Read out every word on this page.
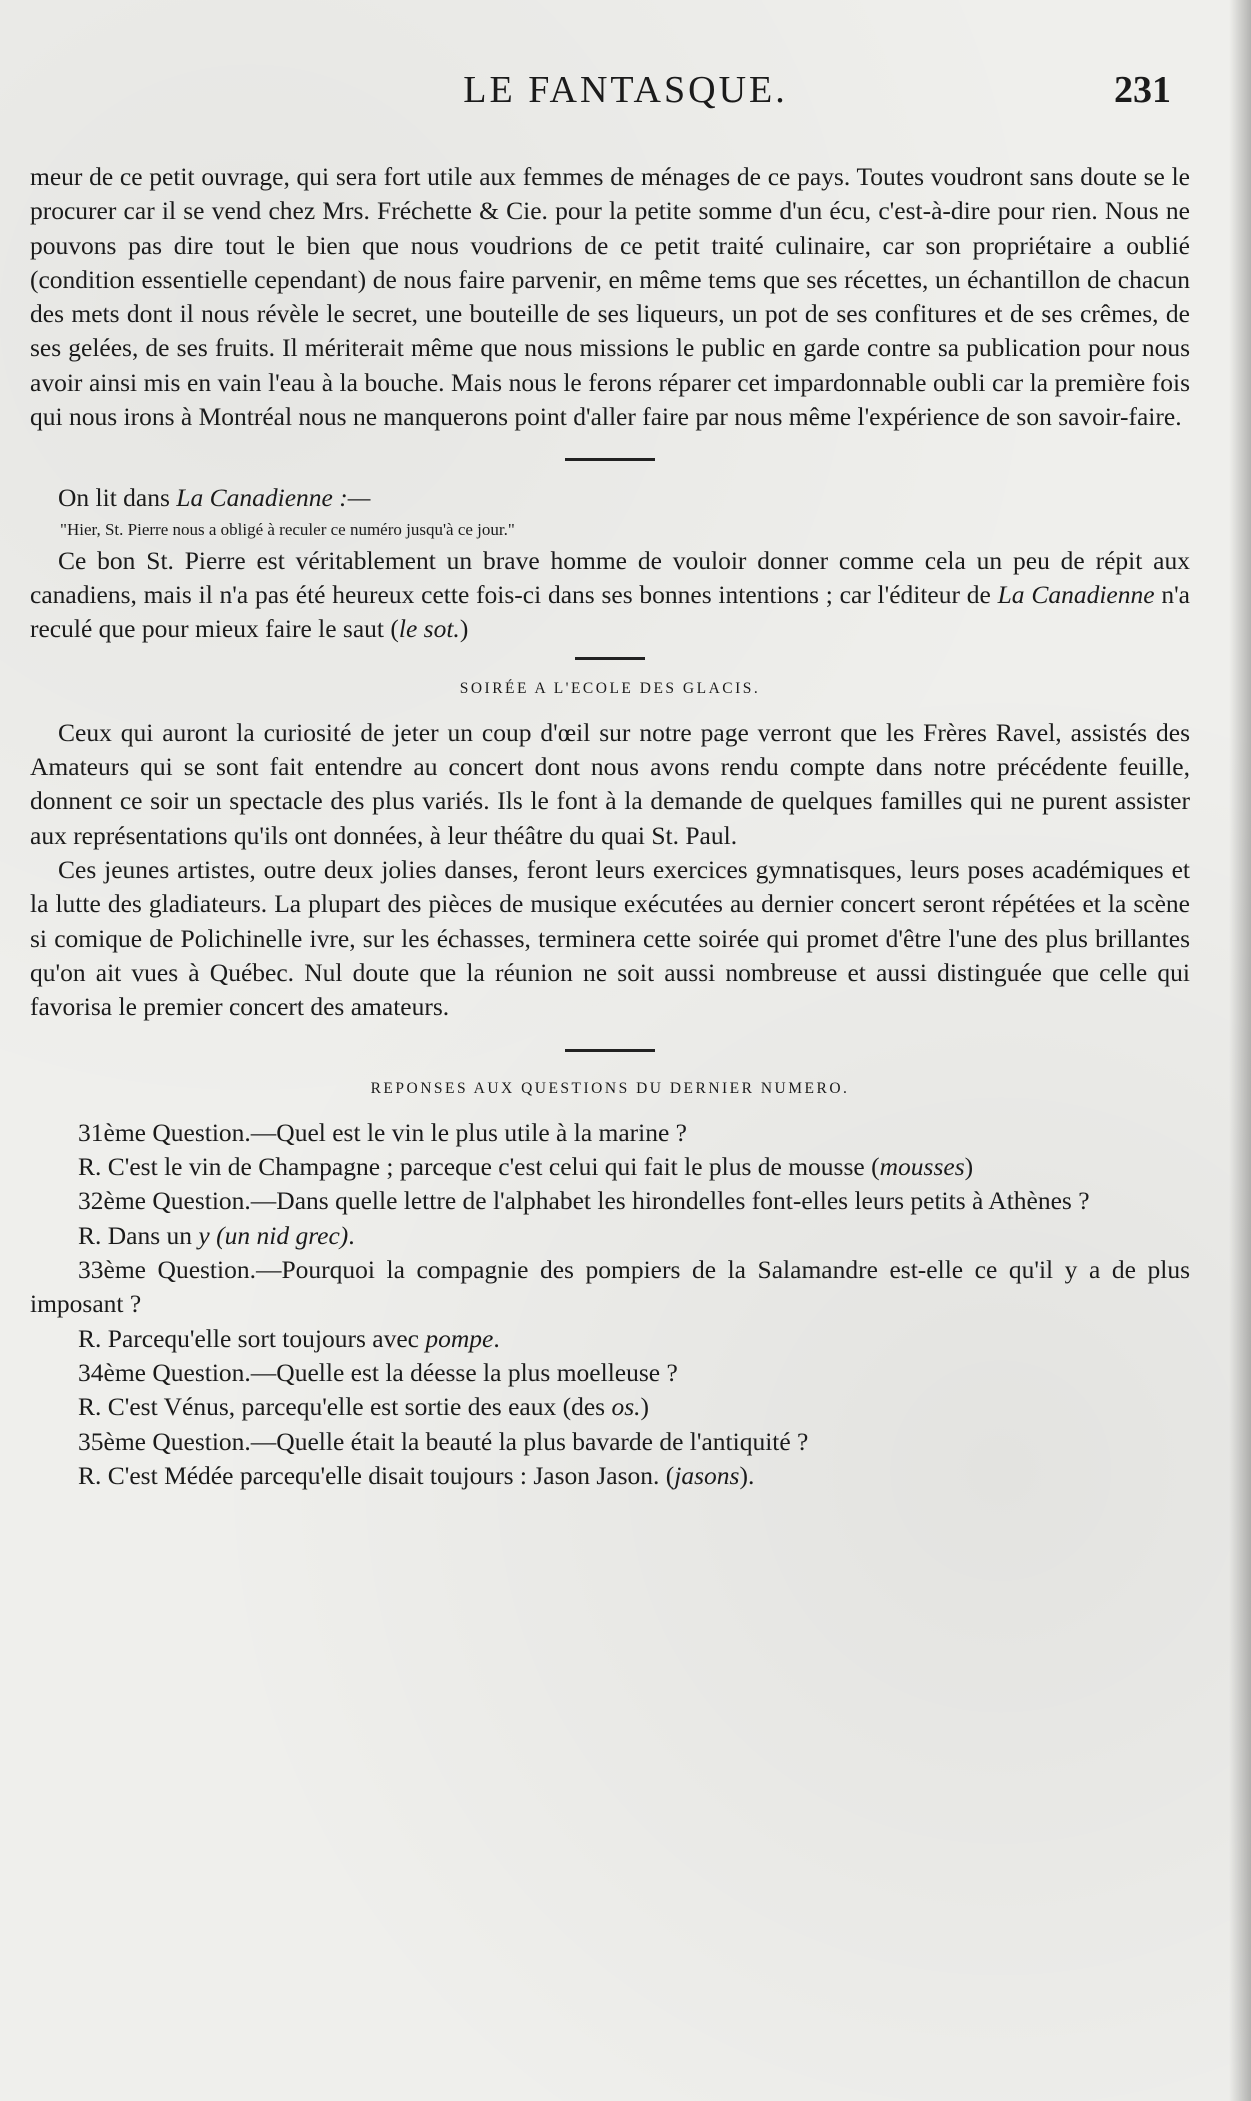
LE FANTASQUE.	231

meur de ce petit ouvrage, qui sera fort utile aux femmes de ménages de ce pays. Toutes voudront sans doute se le procurer car il se vend chez Mrs. Fréchette & Cie. pour la petite somme d'un écu, c'est-à-dire pour rien. Nous ne pouvons pas dire tout le bien que nous voudrions de ce petit traité culinaire, car son propriétaire a oublié (condition essentielle cependant) de nous faire parvenir, en même tems que ses récettes, un échantillon de chacun des mets dont il nous révèle le secret, une bouteille de ses liqueurs, un pot de ses confitures et de ses crêmes, de ses gelées, de ses fruits. Il mériterait même que nous missions le public en garde contre sa publication pour nous avoir ainsi mis en vain l'eau à la bouche. Mais nous le ferons réparer cet impardonnable oubli car la première fois qui nous irons à Montréal nous ne manquerons point d'aller faire par nous même l'expérience de son savoir-faire.

On lit dans La Canadienne :—

"Hier, St. Pierre nous a obligé à reculer ce numéro jusqu'à ce jour."

Ce bon St. Pierre est véritablement un brave homme de vouloir donner comme cela un peu de répit aux canadiens, mais il n'a pas été heureux cette fois-ci dans ses bonnes intentions ; car l'éditeur de La Canadienne n'a reculé que pour mieux faire le saut (le sot.)

SOIRÉE A L'ECOLE DES GLACIS.

Ceux qui auront la curiosité de jeter un coup d'œil sur notre page verront que les Frères Ravel, assistés des Amateurs qui se sont fait entendre au concert dont nous avons rendu compte dans notre précédente feuille, donnent ce soir un spectacle des plus variés. Ils le font à la demande de quelques familles qui ne purent assister aux représentations qu'ils ont données, à leur théâtre du quai St. Paul.

Ces jeunes artistes, outre deux jolies danses, feront leurs exercices gymnatisques, leurs poses académiques et la lutte des gladiateurs. La plupart des pièces de musique exécutées au dernier concert seront répétées et la scène si comique de Polichinelle ivre, sur les échasses, terminera cette soirée qui promet d'être l'une des plus brillantes qu'on ait vues à Québec. Nul doute que la réunion ne soit aussi nombreuse et aussi distinguée que celle qui favorisa le premier concert des amateurs.

REPONSES AUX QUESTIONS DU DERNIER NUMERO.

31ème Question.—Quel est le vin le plus utile à la marine ?

R. C'est le vin de Champagne ; parceque c'est celui qui fait le plus de mousse (mousses)

32ème Question.—Dans quelle lettre de l'alphabet les hirondelles font-elles leurs petits à Athènes ?

R. Dans un y (un nid grec).

33ème Question.—Pourquoi la compagnie des pompiers de la Salamandre est-elle ce qu'il y a de plus imposant ?

R. Parcequ'elle sort toujours avec pompe.

34ème Question.—Quelle est la déesse la plus moelleuse ?

R. C'est Vénus, parcequ'elle est sortie des eaux (des os.)

35ème Question.—Quelle était la beauté la plus bavarde de l'antiquité ?

R. C'est Médée parcequ'elle disait toujours : Jason Jason. (jasons).
